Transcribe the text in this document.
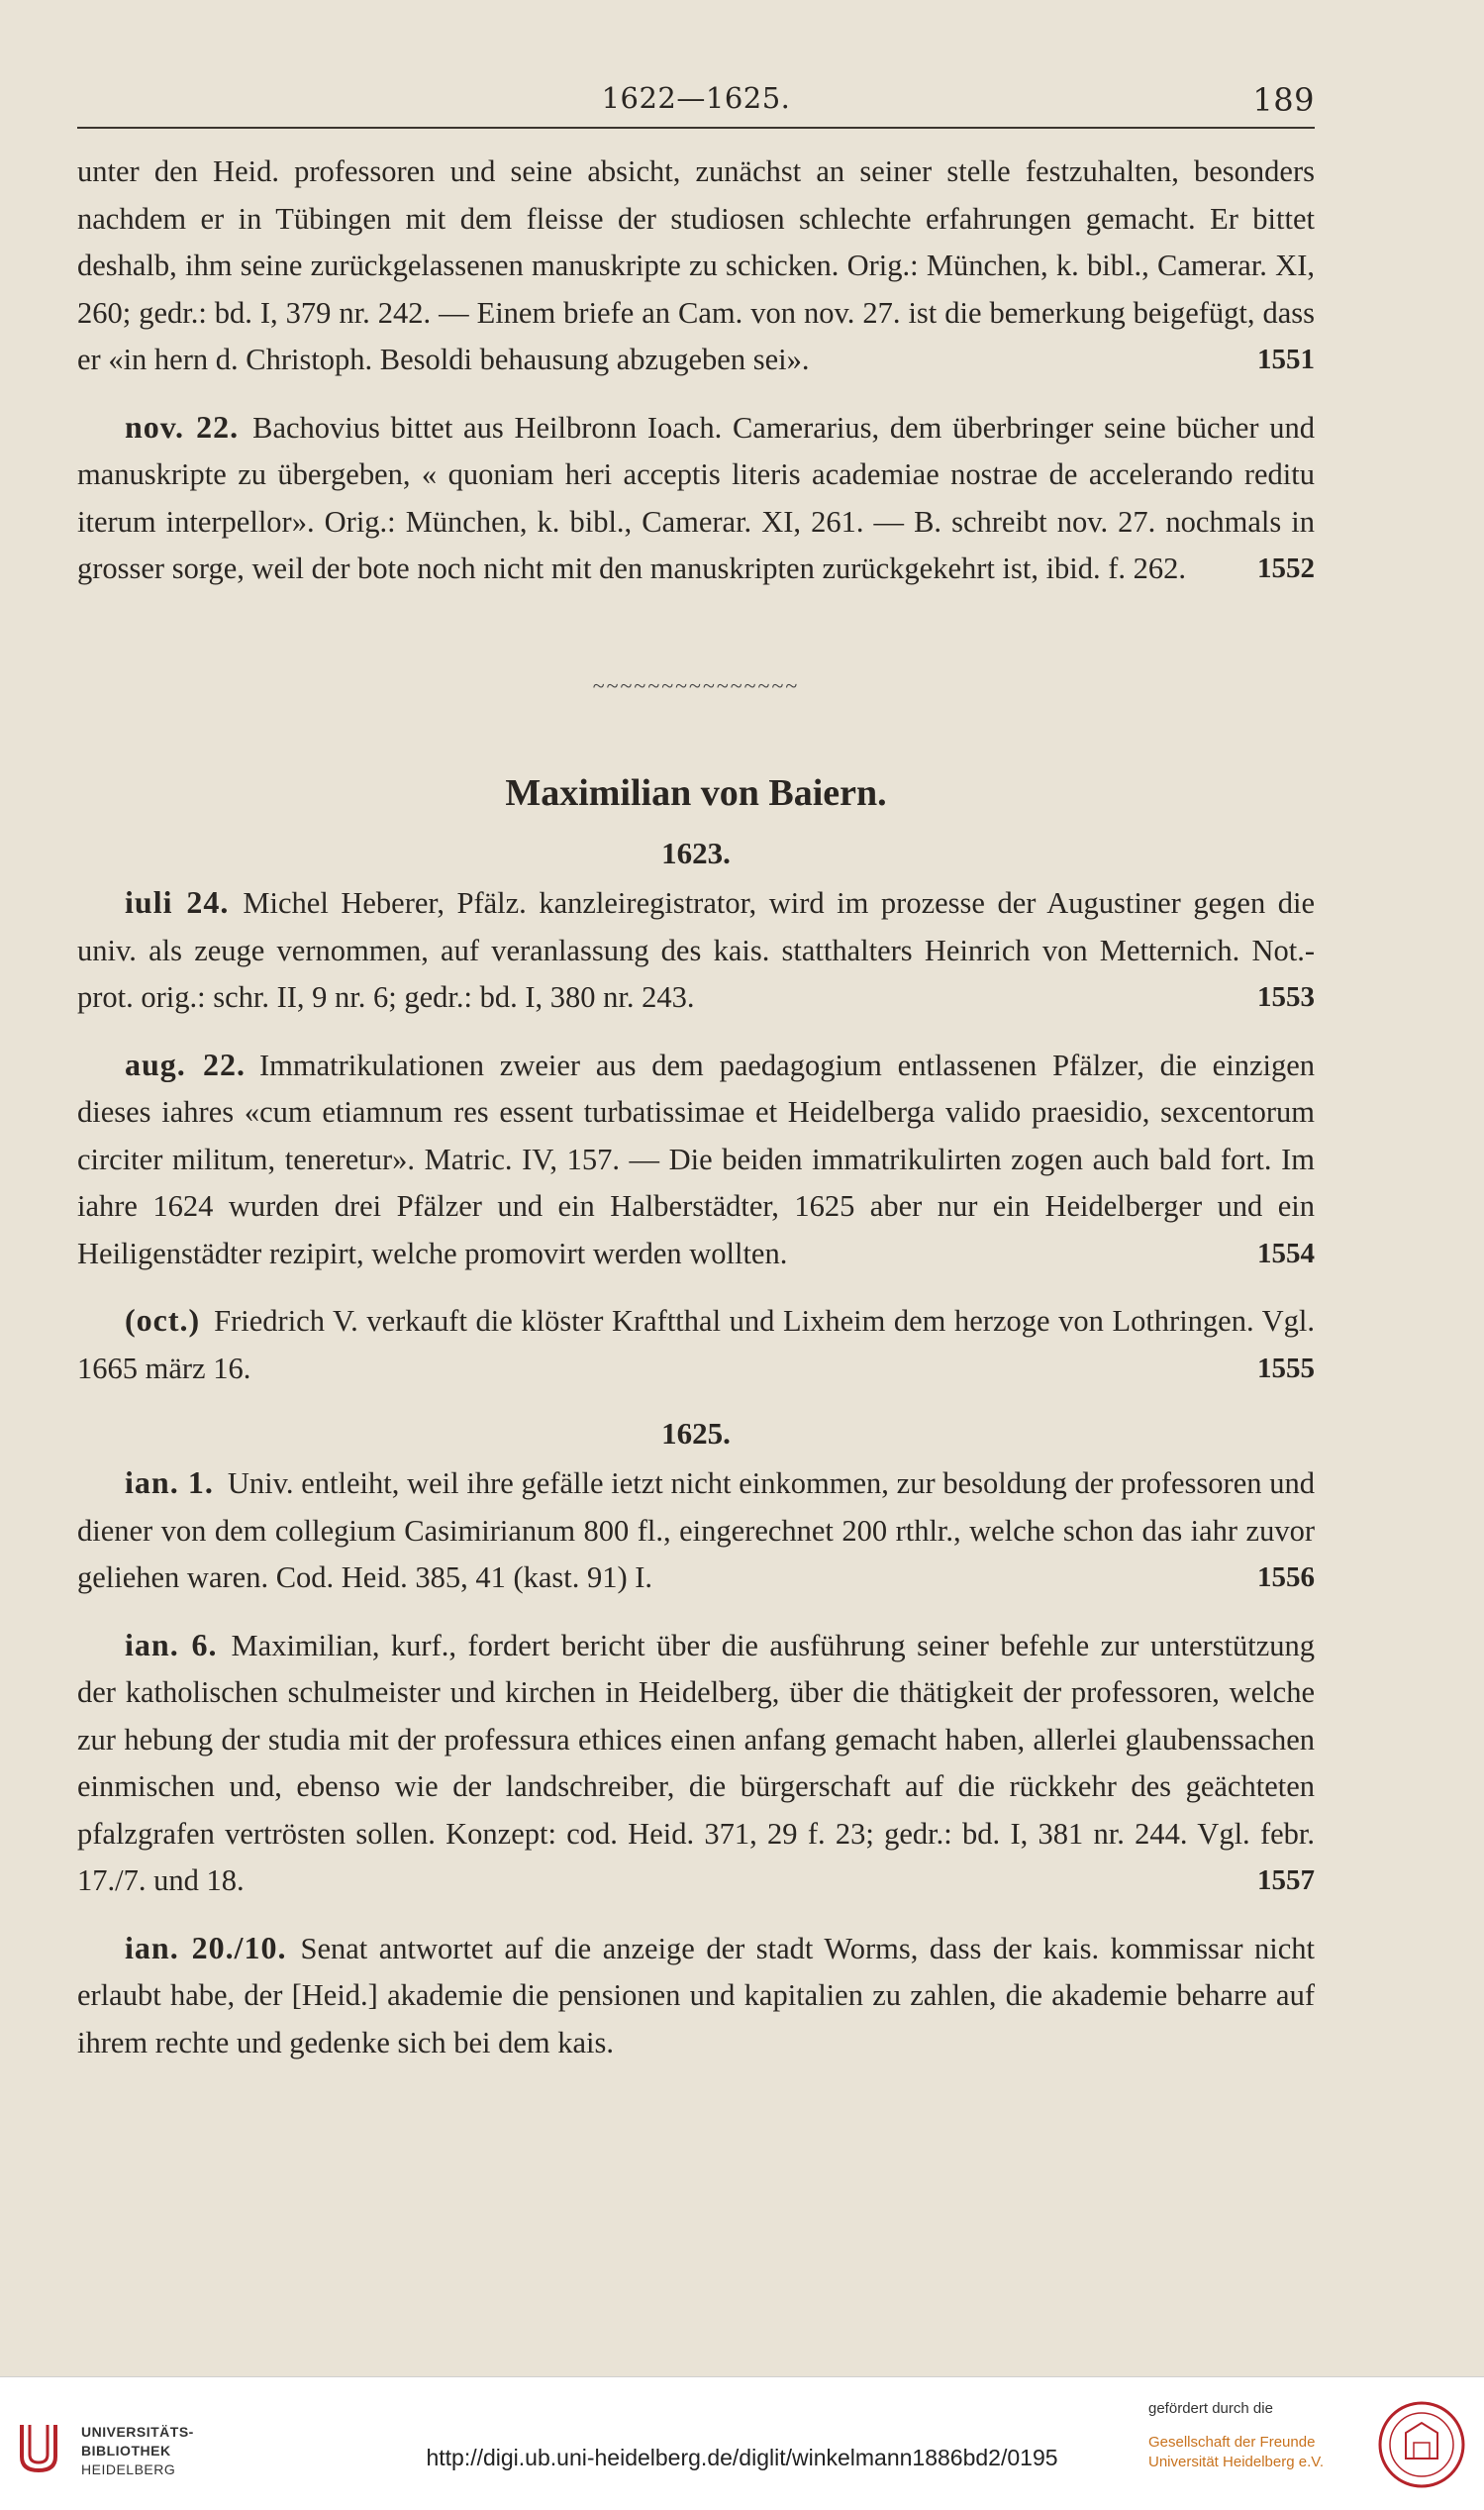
1622—1625.	189
unter den Heid. professoren und seine absicht, zunächst an seiner stelle festzuhalten, besonders nachdem er in Tübingen mit dem fleisse der studiosen schlechte erfahrungen gemacht. Er bittet deshalb, ihm seine zurückgelassenen manuskripte zu schicken. Orig.: München, k. bibl., Camerar. XI, 260; gedr.: bd. I, 379 nr. 242. — Einem briefe an Cam. von nov. 27. ist die bemerkung beigefügt, dass er «in hern d. Christoph. Besoldi behausung abzugeben sei».	1551
nov. 22. Bachovius bittet aus Heilbronn Ioach. Camerarius, dem überbringer seine bücher und manuskripte zu übergeben, « quoniam heri acceptis literis academiae nostrae de accelerando reditu iterum interpellor». Orig.: München, k. bibl., Camerar. XI, 261. — B. schreibt nov. 27. nochmals in grosser sorge, weil der bote noch nicht mit den manuskripten zurückgekehrt ist, ibid. f. 262. 1552
~~~~~~~~~~~~~~~
Maximilian von Baiern.
1623.
iuli 24. Michel Heberer, Pfälz. kanzleiregistrator, wird im prozesse der Augustiner gegen die univ. als zeuge vernommen, auf veranlassung des kais. statthalters Heinrich von Metternich. Not.-prot. orig.: schr. II, 9 nr. 6; gedr.: bd. I, 380 nr. 243.	1553
aug. 22. Immatrikulationen zweier aus dem paedagogium entlassenen Pfälzer, die einzigen dieses iahres «cum etiamnum res essent turbatissimae et Heidelberga valido praesidio, sexcentorum circiter militum, teneretur». Matric. IV, 157. — Die beiden immatrikulirten zogen auch bald fort. Im iahre 1624 wurden drei Pfälzer und ein Halberstädter, 1625 aber nur ein Heidelberger und ein Heiligenstädter rezipirt, welche promovirt werden wollten.	1554
(oct.) Friedrich V. verkauft die klöster Kraftthal und Lixheim dem herzoge von Lothringen. Vgl. 1665 märz 16.	1555
1625.
ian. 1. Univ. entleiht, weil ihre gefälle ietzt nicht einkommen, zur besoldung der professoren und diener von dem collegium Casimirianum 800 fl., eingerechnet 200 rthlr., welche schon das iahr zuvor geliehen waren. Cod. Heid. 385, 41 (kast. 91) I.	1556
ian. 6. Maximilian, kurf., fordert bericht über die ausführung seiner befehle zur unterstützung der katholischen schulmeister und kirchen in Heidelberg, über die thätigkeit der professoren, welche zur hebung der studia mit der professura ethices einen anfang gemacht haben, allerlei glaubenssachen einmischen und, ebenso wie der landschreiber, die bürgerschaft auf die rückkehr des geächteten pfalzgrafen vertrösten sollen. Konzept: cod. Heid. 371, 29 f. 23; gedr.: bd. I, 381 nr. 244. Vgl. febr. 17./7. und 18.	1557
ian. 20./10. Senat antwortet auf die anzeige der stadt Worms, dass der kais. kommissar nicht erlaubt habe, der [Heid.] akademie die pensionen und kapitalien zu zahlen, die akademie beharre auf ihrem rechte und gedenke sich bei dem kais.
UNIVERSITÄTS-
BIBLIOTHEK
HEIDELBERG	http://digi.ub.uni-heidelberg.de/diglit/winkelmann1886bd2/0195
gefördert durch die
Gesellschaft der Freunde
Universität Heidelberg e.V.
